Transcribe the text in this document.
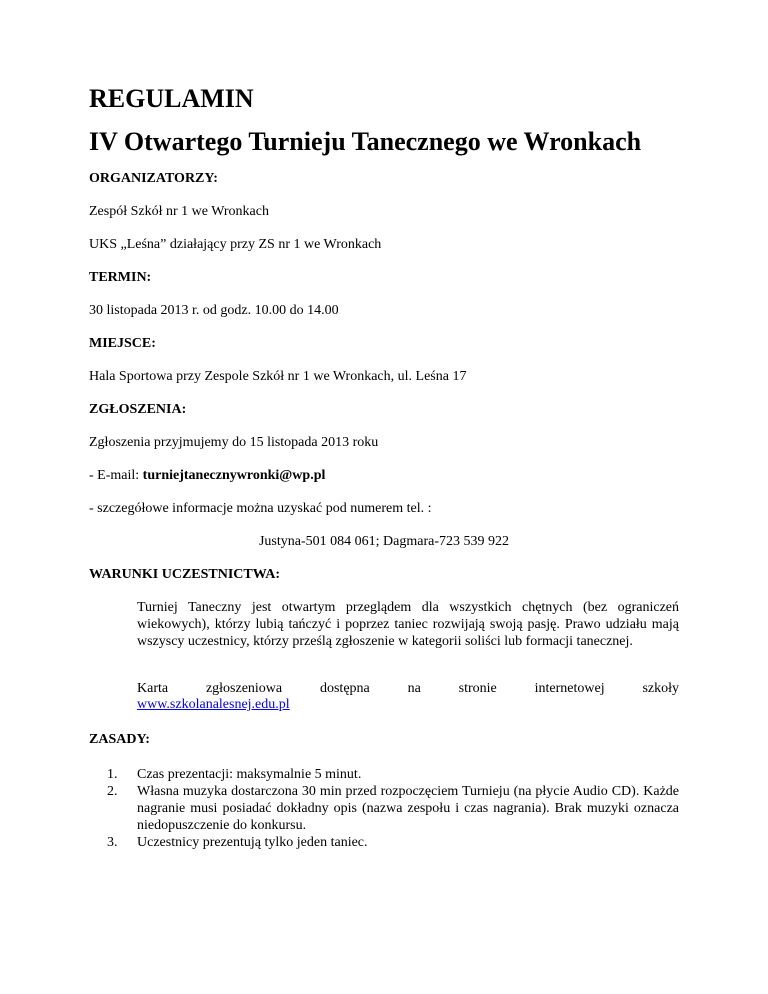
REGULAMIN
IV Otwartego Turnieju Tanecznego we Wronkach
ORGANIZATORZY:
Zespół Szkół nr 1 we Wronkach
UKS „Leśna” działający przy ZS nr 1 we Wronkach
TERMIN:
30 listopada 2013 r. od godz. 10.00 do 14.00
MIEJSCE:
Hala Sportowa przy Zespole Szkół nr 1 we Wronkach, ul. Leśna 17
ZGŁOSZENIA:
Zgłoszenia przyjmujemy do 15 listopada 2013 roku
- E-mail: turniejtanecznywronki@wp.pl
- szczegółowe informacje można uzyskać pod numerem tel. :
Justyna-501 084 061; Dagmara-723 539 922
WARUNKI UCZESTNICTWA:
Turniej Taneczny jest otwartym przeglądem dla wszystkich chętnych (bez ograniczeń wiekowych), którzy lubią tańczyć i poprzez taniec rozwijają swoją pasję. Prawo udziału mają wszyscy uczestnicy, którzy prześlą zgłoszenie w kategorii soliści lub formacji tanecznej.
Karta	zgłoszeniowa	dostępna	na	stronie	internetowej	szkoły
www.szkolanalesnej.edu.pl
ZASADY:
1. Czas prezentacji: maksymalnie 5 minut.
2. Własna muzyka dostarczona 30 min przed rozpoczęciem Turnieju (na płycie Audio CD). Każde nagranie musi posiadać dokładny opis (nazwa zespołu i czas nagrania). Brak muzyki oznacza niedopuszczenie do konkursu.
3. Uczestnicy prezentują tylko jeden taniec.
